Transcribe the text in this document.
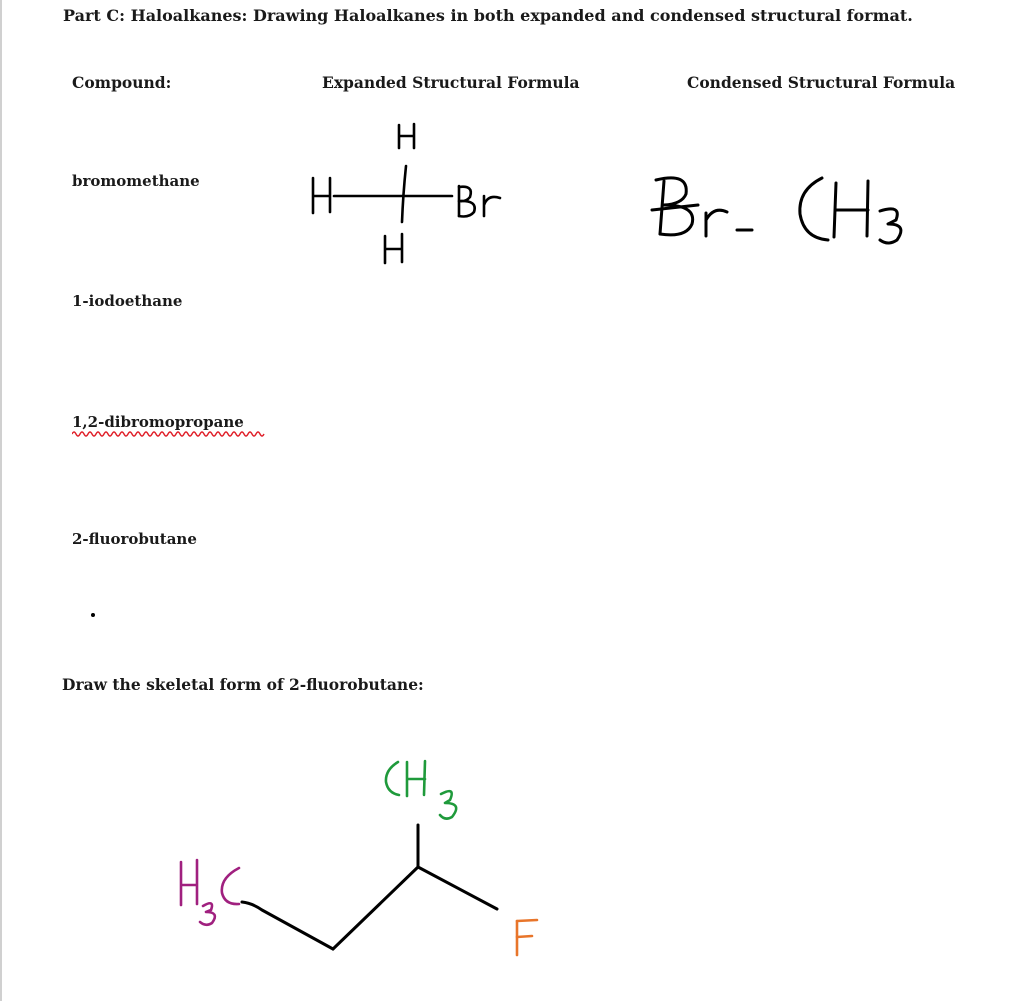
Part C: Haloalkanes: Drawing Haloalkanes in both expanded and condensed structural format.
Compound:	Expanded Structural Formula	Condensed Structural Formula
bromomethane
1-iodoethane
1,2-dibromopropane
2-fluorobutane
Draw the skeletal form of 2-fluorobutane:
